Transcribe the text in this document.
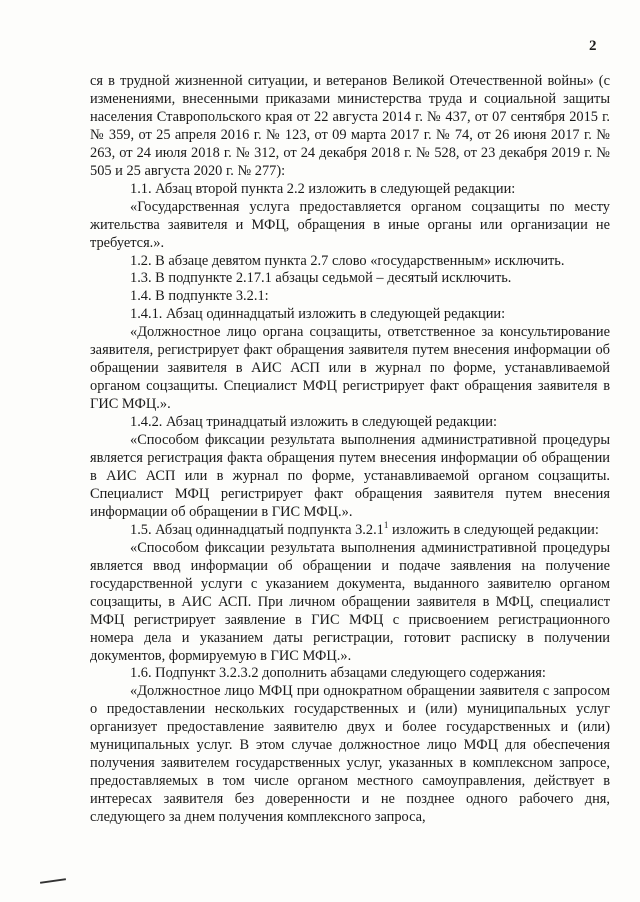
2

ся в трудной жизненной ситуации, и ветеранов Великой Отечественной войны» (с изменениями, внесенными приказами министерства труда и социальной защиты населения Ставропольского края от 22 августа 2014 г. № 437, от 07 сентября 2015 г. № 359, от 25 апреля 2016 г. № 123, от 09 марта 2017 г. № 74, от 26 июня 2017 г. № 263, от 24 июля 2018 г. № 312, от 24 декабря 2018 г. № 528, от 23 декабря 2019 г. № 505 и 25 августа 2020 г. № 277):

1.1. Абзац второй пункта 2.2 изложить в следующей редакции:

«Государственная услуга предоставляется органом соцзащиты по месту жительства заявителя и МФЦ, обращения в иные органы или организации не требуется.».

1.2. В абзаце девятом пункта 2.7 слово «государственным» исключить.

1.3. В подпункте 2.17.1 абзацы седьмой – десятый исключить.

1.4. В подпункте 3.2.1:

1.4.1. Абзац одиннадцатый изложить в следующей редакции:

«Должностное лицо органа соцзащиты, ответственное за консультирование заявителя, регистрирует факт обращения заявителя путем внесения информации об обращении заявителя в АИС АСП или в журнал по форме, устанавливаемой органом соцзащиты. Специалист МФЦ регистрирует факт обращения заявителя в ГИС МФЦ.».

1.4.2. Абзац тринадцатый изложить в следующей редакции:

«Способом фиксации результата выполнения административной процедуры является регистрация факта обращения путем внесения информации об обращении в АИС АСП или в журнал по форме, устанавливаемой органом соцзащиты. Специалист МФЦ регистрирует факт обращения заявителя путем внесения информации об обращении в ГИС МФЦ.».

1.5. Абзац одиннадцатый подпункта 3.2.1$^1$ изложить в следующей редакции:

«Способом фиксации результата выполнения административной процедуры является ввод информации об обращении и подаче заявления на получение государственной услуги с указанием документа, выданного заявителю органом соцзащиты, в АИС АСП. При личном обращении заявителя в МФЦ, специалист МФЦ регистрирует заявление в ГИС МФЦ с присвоением регистрационного номера дела и указанием даты регистрации, готовит расписку в получении документов, формируемую в ГИС МФЦ.».

1.6. Подпункт 3.2.3.2 дополнить абзацами следующего содержания:

«Должностное лицо МФЦ при однократном обращении заявителя с запросом о предоставлении нескольких государственных и (или) муниципальных услуг организует предоставление заявителю двух и более государственных и (или) муниципальных услуг. В этом случае должностное лицо МФЦ для обеспечения получения заявителем государственных услуг, указанных в комплексном запросе, предоставляемых в том числе органом местного самоуправления, действует в интересах заявителя без доверенности и не позднее одного рабочего дня, следующего за днем получения комплексного запроса,
